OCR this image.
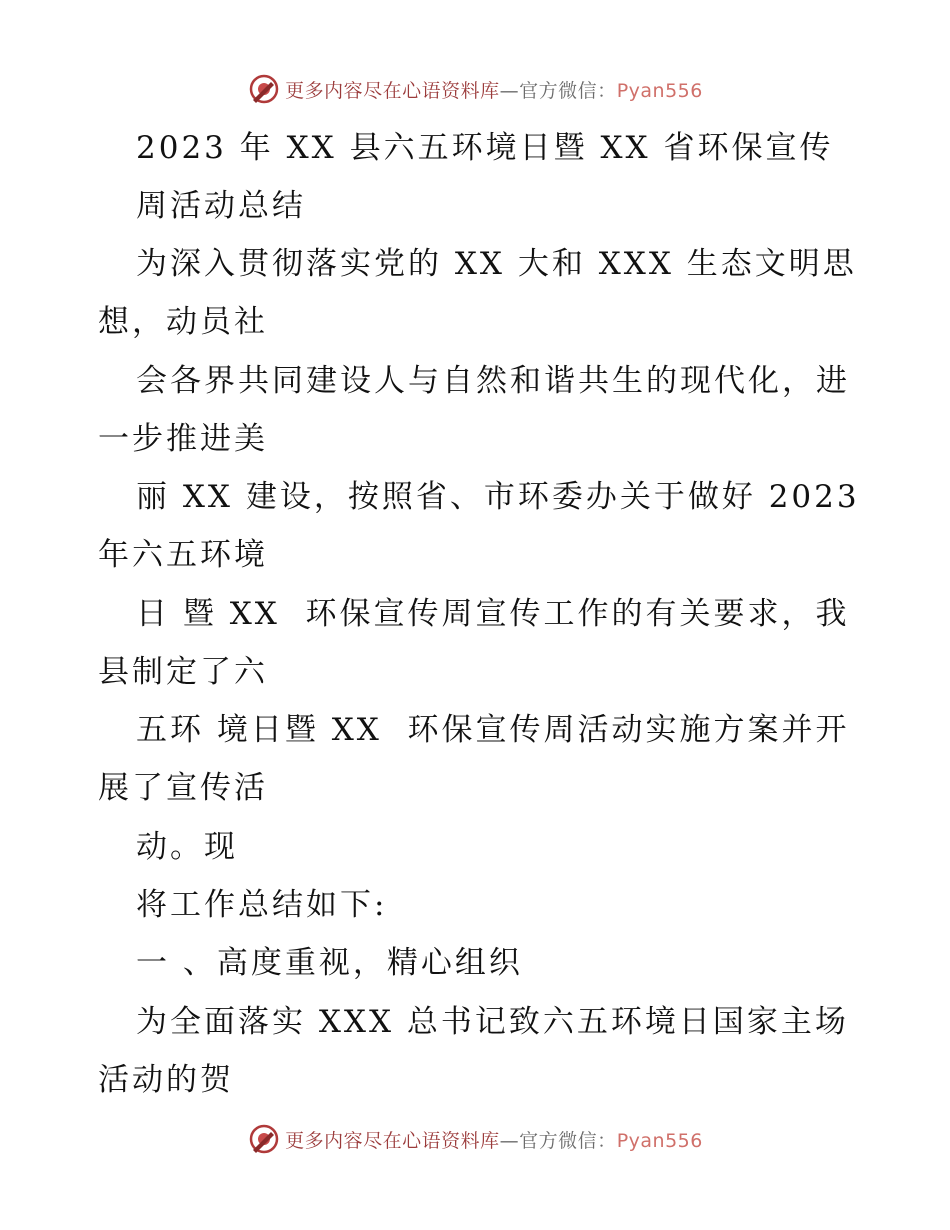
更多内容尽在心语资料库—官方微信：Pyan556
2023 年 XX 县六五环境日暨 XX 省环保宣传
周活动总结
为深入贯彻落实党的 XX 大和 XXX 生态文明思
想，动员社
会各界共同建设人与自然和谐共生的现代化，进
一步推进美
丽 XX 建设，按照省、市环委办关于做好 2023
年六五环境
日 暨 XX  环保宣传周宣传工作的有关要求，我
县制定了六
五环 境日暨 XX  环保宣传周活动实施方案并开
展了宣传活
动。现
将工作总结如下:
一 、高度重视，精心组织
为全面落实 XXX 总书记致六五环境日国家主场
活动的贺
更多内容尽在心语资料库—官方微信：Pyan556
